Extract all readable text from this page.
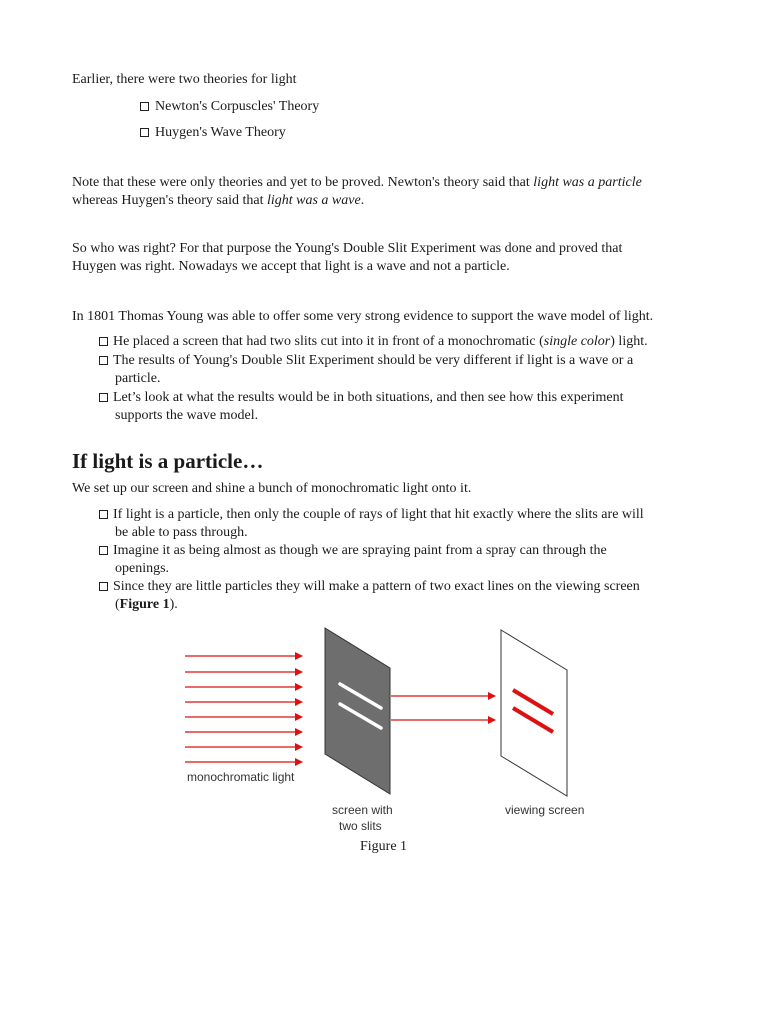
Earlier, there were two theories for light
Newton's Corpuscles' Theory
Huygen's Wave Theory
Note that these were only theories and yet to be proved. Newton's theory said that light was a particle
whereas Huygen's theory said that light was a wave.
So who was right? For that purpose the Young's Double Slit Experiment was done and proved that
Huygen was right. Nowadays we accept that light is a wave and not a particle.
In 1801 Thomas Young was able to offer some very strong evidence to support the wave model of light.
He placed a screen that had two slits cut into it in front of a monochromatic (single color) light.
The results of Young's Double Slit Experiment should be very different if light is a wave or a
particle.
Let’s look at what the results would be in both situations, and then see how this experiment
supports the wave model.
If light is a particle…
We set up our screen and shine a bunch of monochromatic light onto it.
If light is a particle, then only the couple of rays of light that hit exactly where the slits are will
be able to pass through.
Imagine it as being almost as though we are spraying paint from a spray can through the
openings.
Since they are little particles they will make a pattern of two exact lines on the viewing screen
(Figure 1).
monochromatic light
screen with
two slits
viewing screen
Figure 1
